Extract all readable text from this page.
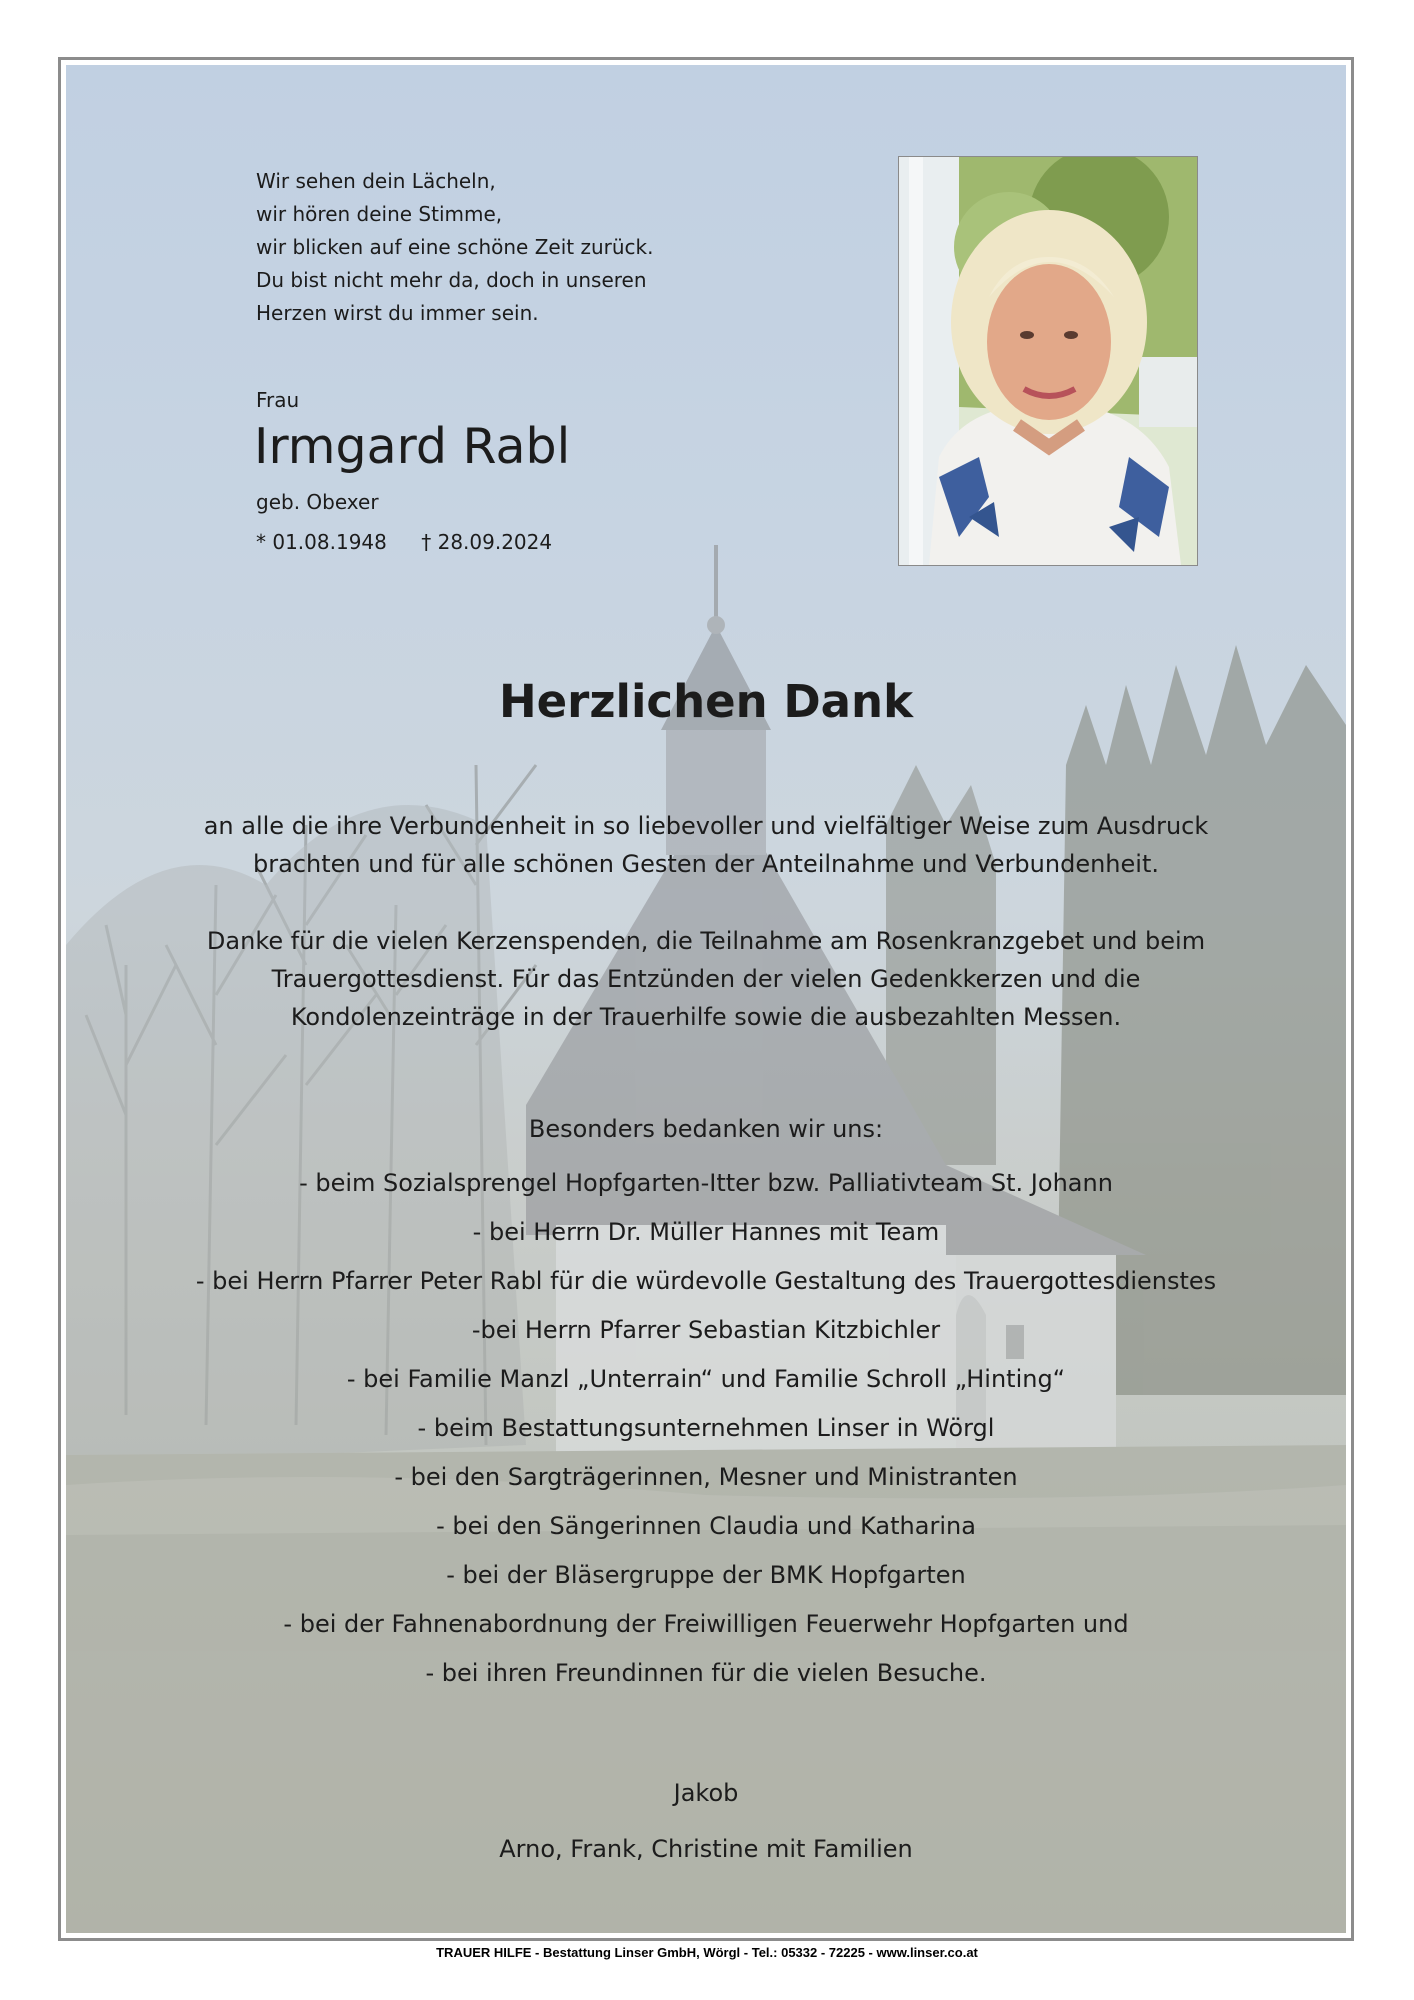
Wir sehen dein Lächeln,
wir hören deine Stimme,
wir blicken auf eine schöne Zeit zurück.
Du bist nicht mehr da, doch in unseren
Herzen wirst du immer sein.
Frau
Irmgard Rabl
geb. Obexer
* 01.08.1948 † 28.09.2024
Herzlichen Dank
an alle die ihre Verbundenheit in so liebevoller und vielfältiger Weise zum Ausdruck
brachten und für alle schönen Gesten der Anteilnahme und Verbundenheit.
Danke für die vielen Kerzenspenden, die Teilnahme am Rosenkranzgebet und beim
Trauergottesdienst. Für das Entzünden der vielen Gedenkkerzen und die
Kondolenzeinträge in der Trauerhilfe sowie die ausbezahlten Messen.
Besonders bedanken wir uns:
- beim Sozialsprengel Hopfgarten-Itter bzw. Palliativteam St. Johann
- bei Herrn Dr. Müller Hannes mit Team
- bei Herrn Pfarrer Peter Rabl für die würdevolle Gestaltung des Trauergottesdienstes
-bei Herrn Pfarrer Sebastian Kitzbichler
- bei Familie Manzl „Unterrain“ und Familie Schroll „Hinting“
- beim Bestattungsunternehmen Linser in Wörgl
- bei den Sargträgerinnen, Mesner und Ministranten
- bei den Sängerinnen Claudia und Katharina
- bei der Bläsergruppe der BMK Hopfgarten
- bei der Fahnenabordnung der Freiwilligen Feuerwehr Hopfgarten und
- bei ihren Freundinnen für die vielen Besuche.
Jakob
Arno, Frank, Christine mit Familien
TRAUER HILFE - Bestattung Linser GmbH, Wörgl - Tel.: 05332 - 72225 - www.linser.co.at
